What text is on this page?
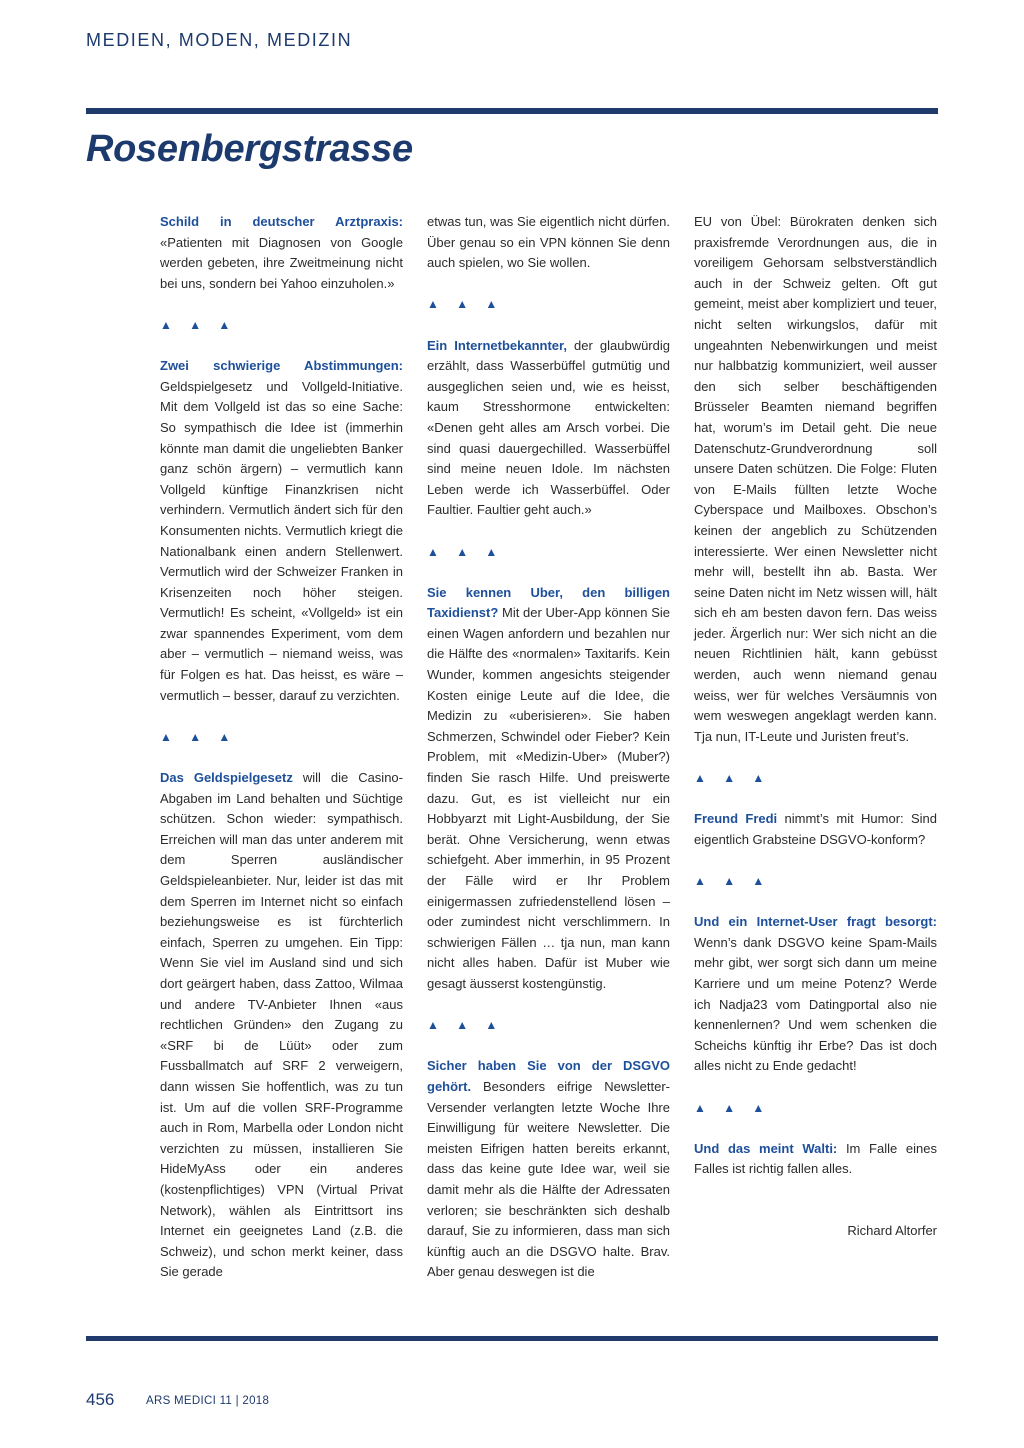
MEDIEN, MODEN, MEDIZIN
Rosenbergstrasse

Schild in deutscher Arztpraxis: «Patienten mit Diagnosen von Google werden gebeten, ihre Zweitmeinung nicht bei uns, sondern bei Yahoo einzuholen.»

▲ ▲ ▲

Zwei schwierige Abstimmungen: Geldspielgesetz und Vollgeld-Initiative. Mit dem Vollgeld ist das so eine Sache: So sympathisch die Idee ist (immerhin könnte man damit die ungeliebten Banker ganz schön ärgern) – vermutlich kann Vollgeld künftige Finanzkrisen nicht verhindern. Vermutlich ändert sich für den Konsumenten nichts. Vermutlich kriegt die Nationalbank einen andern Stellenwert. Vermutlich wird der Schweizer Franken in Krisenzeiten noch höher steigen. Vermutlich! Es scheint, «Vollgeld» ist ein zwar spannendes Experiment, vom dem aber – vermutlich – niemand weiss, was für Folgen es hat. Das heisst, es wäre – vermutlich – besser, darauf zu verzichten.

▲ ▲ ▲

Das Geldspielgesetz will die Casino-Abgaben im Land behalten und Süchtige schützen. Schon wieder: sympathisch. Erreichen will man das unter anderem mit dem Sperren ausländischer Geldspieleanbieter. Nur, leider ist das mit dem Sperren im Internet nicht so einfach beziehungsweise es ist fürchterlich einfach, Sperren zu umgehen. Ein Tipp: Wenn Sie viel im Ausland sind und sich dort geärgert haben, dass Zattoo, Wilmaa und andere TV-Anbieter Ihnen «aus rechtlichen Gründen» den Zugang zu «SRF bi de Lüüt» oder zum Fussballmatch auf SRF 2 verweigern, dann wissen Sie hoffentlich, was zu tun ist. Um auf die vollen SRF-Programme auch in Rom, Marbella oder London nicht verzichten zu müssen, installieren Sie HideMyAss oder ein anderes (kostenpflichtiges) VPN (Virtual Privat Network), wählen als Eintrittsort ins Internet ein geeignetes Land (z.B. die Schweiz), und schon merkt keiner, dass Sie gerade

etwas tun, was Sie eigentlich nicht dürfen. Über genau so ein VPN können Sie denn auch spielen, wo Sie wollen.

▲ ▲ ▲

Ein Internetbekannter, der glaubwürdig erzählt, dass Wasserbüffel gutmütig und ausgeglichen seien und, wie es heisst, kaum Stresshormone entwickelten: «Denen geht alles am Arsch vorbei. Die sind quasi dauergechilled. Wasserbüffel sind meine neuen Idole. Im nächsten Leben werde ich Wasserbüffel. Oder Faultier. Faultier geht auch.»

▲ ▲ ▲

Sie kennen Uber, den billigen Taxidienst? Mit der Uber-App können Sie einen Wagen anfordern und bezahlen nur die Hälfte des «normalen» Taxitarifs. Kein Wunder, kommen angesichts steigender Kosten einige Leute auf die Idee, die Medizin zu «uberisieren». Sie haben Schmerzen, Schwindel oder Fieber? Kein Problem, mit «Medizin-Uber» (Muber?) finden Sie rasch Hilfe. Und preiswerte dazu. Gut, es ist vielleicht nur ein Hobbyarzt mit Light-Ausbildung, der Sie berät. Ohne Versicherung, wenn etwas schiefgeht. Aber immerhin, in 95 Prozent der Fälle wird er Ihr Problem einigermassen zufriedenstellend lösen – oder zumindest nicht verschlimmern. In schwierigen Fällen … tja nun, man kann nicht alles haben. Dafür ist Muber wie gesagt äusserst kostengünstig.

▲ ▲ ▲

Sicher haben Sie von der DSGVO gehört. Besonders eifrige Newsletter-Versender verlangten letzte Woche Ihre Einwilligung für weitere Newsletter. Die meisten Eifrigen hatten bereits erkannt, dass das keine gute Idee war, weil sie damit mehr als die Hälfte der Adressaten verloren; sie beschränkten sich deshalb darauf, Sie zu informieren, dass man sich künftig auch an die DSGVO halte. Brav. Aber genau deswegen ist die

EU von Übel: Bürokraten denken sich praxisfremde Verordnungen aus, die in voreiligem Gehorsam selbstverständlich auch in der Schweiz gelten. Oft gut gemeint, meist aber kompliziert und teuer, nicht selten wirkungslos, dafür mit ungeahnten Nebenwirkungen und meist nur halbbatzig kommuniziert, weil ausser den sich selber beschäftigenden Brüsseler Beamten niemand begriffen hat, worum’s im Detail geht. Die neue Datenschutz-Grundverordnung soll unsere Daten schützen. Die Folge: Fluten von E-Mails füllten letzte Woche Cyberspace und Mailboxes. Obschon’s keinen der angeblich zu Schützenden interessierte. Wer einen Newsletter nicht mehr will, bestellt ihn ab. Basta. Wer seine Daten nicht im Netz wissen will, hält sich eh am besten davon fern. Das weiss jeder. Ärgerlich nur: Wer sich nicht an die neuen Richtlinien hält, kann gebüsst werden, auch wenn niemand genau weiss, wer für welches Versäumnis von wem weswegen angeklagt werden kann. Tja nun, IT-Leute und Juristen freut’s.

▲ ▲ ▲

Freund Fredi nimmt’s mit Humor: Sind eigentlich Grabsteine DSGVO-konform?

▲ ▲ ▲

Und ein Internet-User fragt besorgt: Wenn’s dank DSGVO keine Spam-Mails mehr gibt, wer sorgt sich dann um meine Karriere und um meine Potenz? Werde ich Nadja23 vom Datingportal also nie kennenlernen? Und wem schenken die Scheichs künftig ihr Erbe? Das ist doch alles nicht zu Ende gedacht!

▲ ▲ ▲

Und das meint Walti: Im Falle eines Falles ist richtig fallen alles.

Richard Altorfer

456	ARS MEDICI 11 | 2018
